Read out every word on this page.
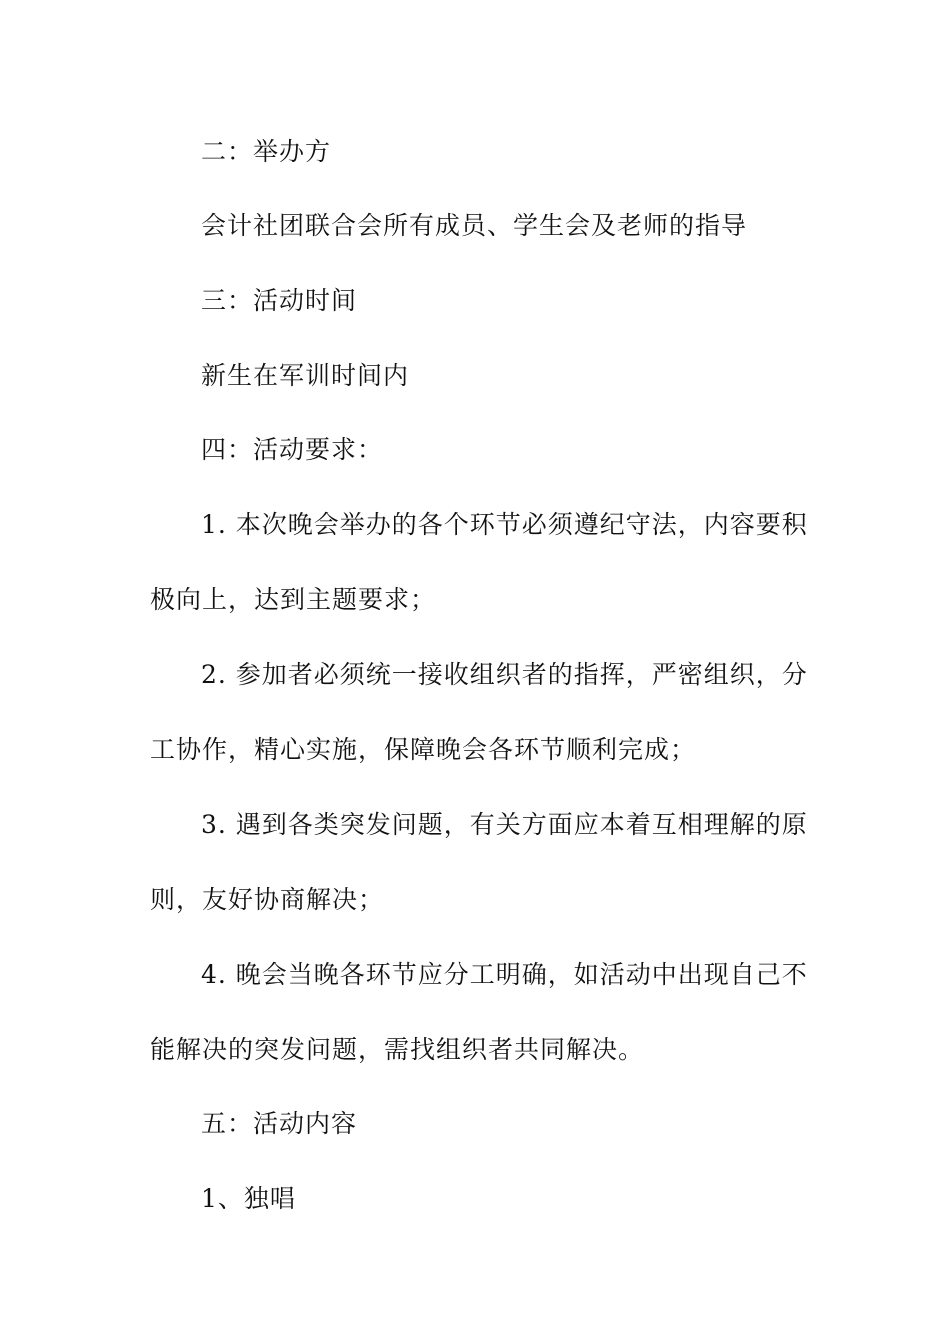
二：举办方
会计社团联合会所有成员、学生会及老师的指导
三：活动时间
新生在军训时间内
四：活动要求：
1. 本次晚会举办的各个环节必须遵纪守法，内容要积
极向上，达到主题要求；
2. 参加者必须统一接收组织者的指挥，严密组织，分
工协作，精心实施，保障晚会各环节顺利完成；
3. 遇到各类突发问题，有关方面应本着互相理解的原
则，友好协商解决；
4. 晚会当晚各环节应分工明确，如活动中出现自己不
能解决的突发问题，需找组织者共同解决。
五：活动内容
1、独唱
